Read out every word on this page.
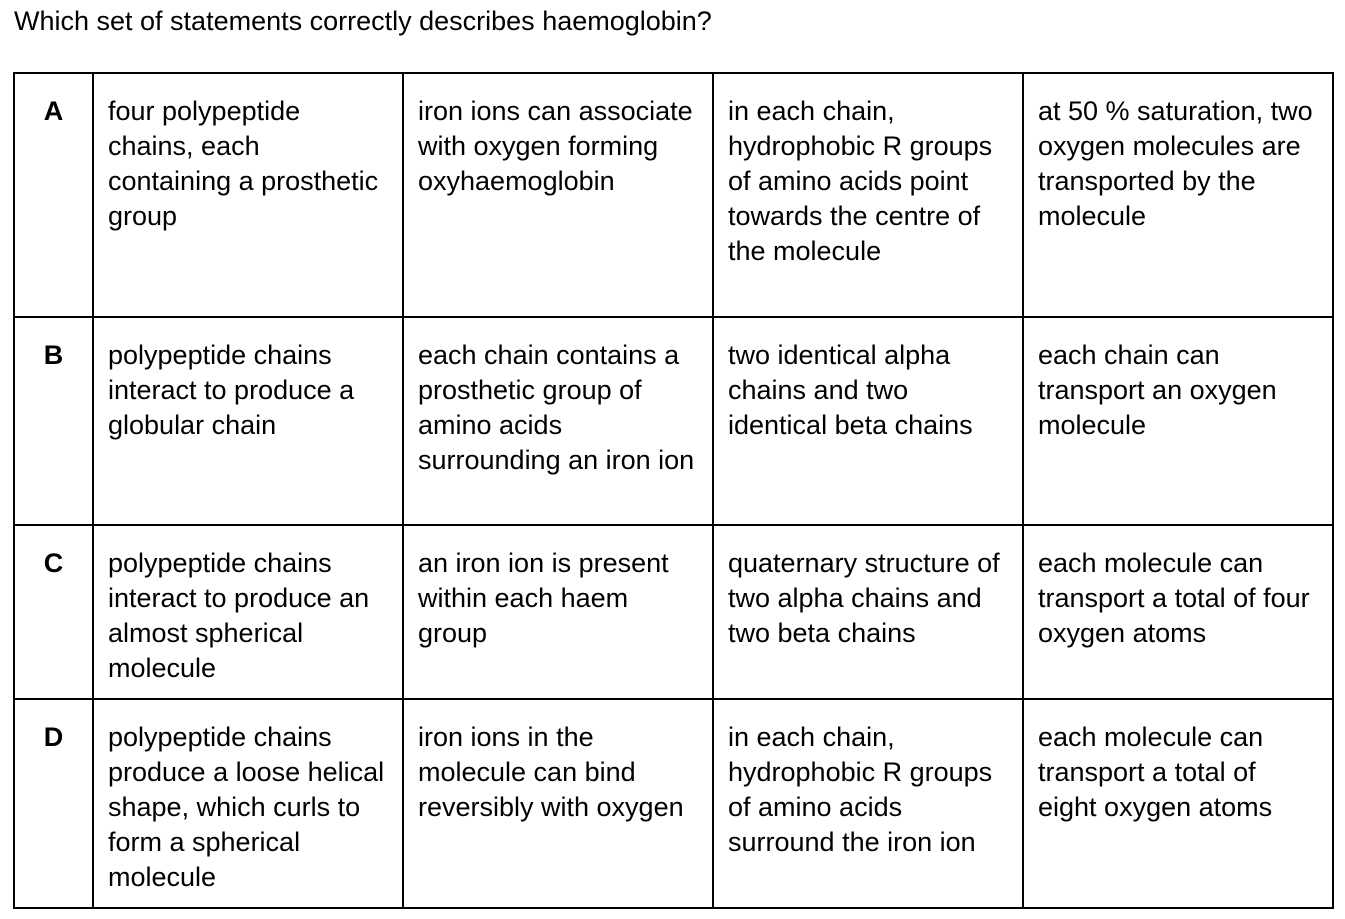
Which set of statements correctly describes haemoglobin?

A	four polypeptide chains, each containing a prosthetic group	iron ions can associate with oxygen forming oxyhaemoglobin	in each chain, hydrophobic R groups of amino acids point towards the centre of the molecule	at 50 % saturation, two oxygen molecules are transported by the molecule
B	polypeptide chains interact to produce a globular chain	each chain contains a prosthetic group of amino acids surrounding an iron ion	two identical alpha chains and two identical beta chains	each chain can transport an oxygen molecule
C	polypeptide chains interact to produce an almost spherical molecule	an iron ion is present within each haem group	quaternary structure of two alpha chains and two beta chains	each molecule can transport a total of four oxygen atoms
D	polypeptide chains produce a loose helical shape, which curls to form a spherical molecule	iron ions in the molecule can bind reversibly with oxygen	in each chain, hydrophobic R groups of amino acids surround the iron ion	each molecule can transport a total of eight oxygen atoms
